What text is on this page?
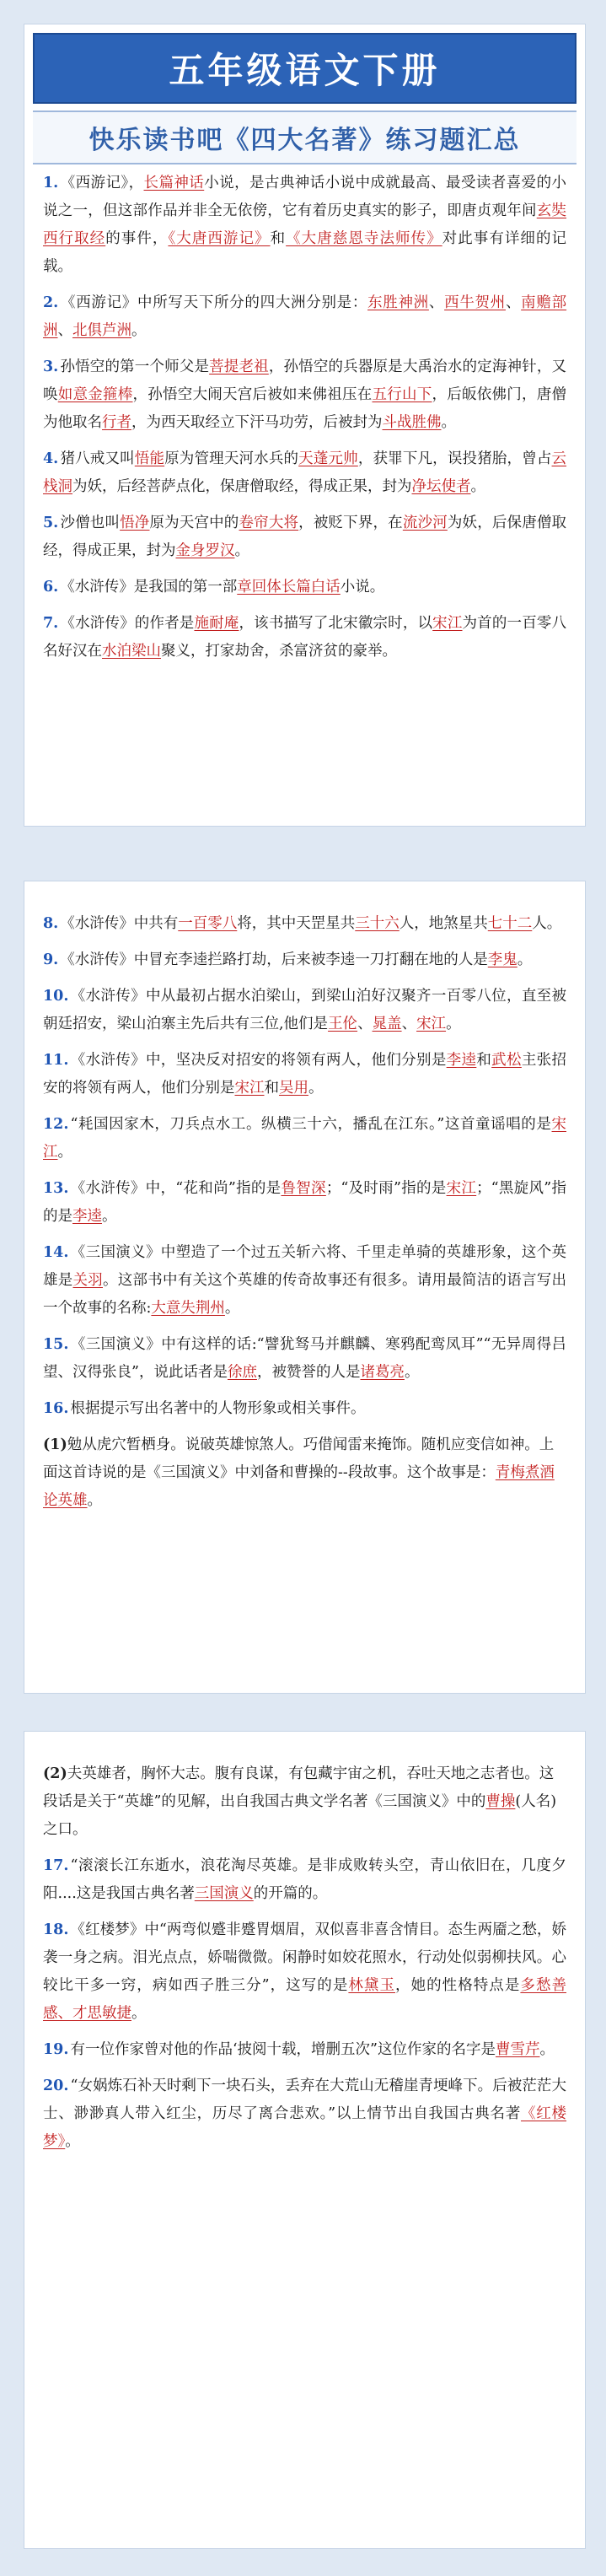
五年级语文下册
快乐读书吧《四大名著》练习题汇总

1. 《西游记》，长篇神话小说，是古典神话小说中成就最高、最受读者喜爱的小说之一，但这部作品并非全无依傍，它有着历史真实的影子，即唐贞观年间玄奘西行取经的事件，《大唐西游记》和《大唐慈恩寺法师传》对此事有详细的记载。

2. 《西游记》中所写天下所分的四大洲分别是：东胜神洲、西牛贺州、南赡部洲、北俱芦洲。

3. 孙悟空的第一个师父是菩提老祖，孙悟空的兵器原是大禹治水的定海神针，又唤如意金箍棒，孙悟空大闹天宫后被如来佛祖压在五行山下，后皈依佛门，唐僧为他取名行者，为西天取经立下汗马功劳，后被封为斗战胜佛。

4. 猪八戒又叫悟能原为管理天河水兵的天蓬元帅，获罪下凡，误投猪胎，曾占云栈洞为妖，后经菩萨点化，保唐僧取经，得成正果，封为净坛使者。

5. 沙僧也叫悟净原为天宫中的卷帘大将，被贬下界，在流沙河为妖，后保唐僧取经，得成正果，封为金身罗汉。

6. 《水浒传》是我国的第一部章回体长篇白话小说。

7. 《水浒传》的作者是施耐庵，该书描写了北宋徽宗时，以宋江为首的一百零八名好汉在水泊梁山聚义，打家劫舍，杀富济贫的豪举。

8. 《水浒传》中共有一百零八将，其中天罡星共三十六人，地煞星共七十二人。

9. 《水浒传》中冒充李逵拦路打劫，后来被李逵一刀打翻在地的人是李鬼。

10. 《水浒传》中从最初占据水泊梁山，到梁山泊好汉聚齐一百零八位，直至被朝廷招安，梁山泊寨主先后共有三位,他们是王伦、晁盖、宋江。

11. 《水浒传》中，坚决反对招安的将领有两人，他们分别是李逵和武松主张招安的将领有两人，他们分别是宋江和吴用。

12. “耗国因家木，刀兵点水工。纵横三十六，播乱在江东。”这首童谣唱的是宋江。

13. 《水浒传》中，“花和尚”指的是鲁智深；“及时雨”指的是宋江；“黑旋风”指的是李逵。

14. 《三国演义》中塑造了一个过五关斩六将、千里走单骑的英雄形象，这个英雄是关羽。这部书中有关这个英雄的传奇故事还有很多。请用最简洁的语言写出一个故事的名称:大意失荆州。

15. 《三国演义》中有这样的话:“譬犹驽马并麒麟、寒鸦配鸾凤耳”“无异周得吕望、汉得张良”，说此话者是徐庶，被赞誉的人是诸葛亮。

16. 根据提示写出名著中的人物形象或相关事件。

(1)勉从虎穴暂栖身。说破英雄惊煞人。巧借闻雷来掩饰。随机应变信如神。上面这首诗说的是《三国演义》中刘备和曹操的--段故事。这个故事是：青梅煮酒论英雄。

(2)夫英雄者，胸怀大志。腹有良谋，有包藏宇宙之机，吞吐天地之志者也。这段话是关于“英雄”的见解，出自我国古典文学名著《三国演义》中的曹操(人名)之口。

17. “滚滚长江东逝水，浪花淘尽英雄。是非成败转头空，青山依旧在，几度夕阳....这是我国古典名著三国演义的开篇的。

18. 《红楼梦》中“两弯似蹙非蹙胃烟眉，双似喜非喜含情目。态生两靥之愁，娇袭一身之病。泪光点点，娇喘微微。闲静时如姣花照水，行动处似弱柳扶风。心较比干多一窍，病如西子胜三分”，这写的是林黛玉，她的性格特点是多愁善感、才思敏捷。

19. 有一位作家曾对他的作品‘披阅十载，增删五次”这位作家的名字是曹雪芹。

20. “女娲炼石补天时剩下一块石头，丢弃在大荒山无稽崖青埂峰下。后被茫茫大士、渺渺真人带入红尘，历尽了离合悲欢。”以上情节出自我国古典名著《红楼梦》。
